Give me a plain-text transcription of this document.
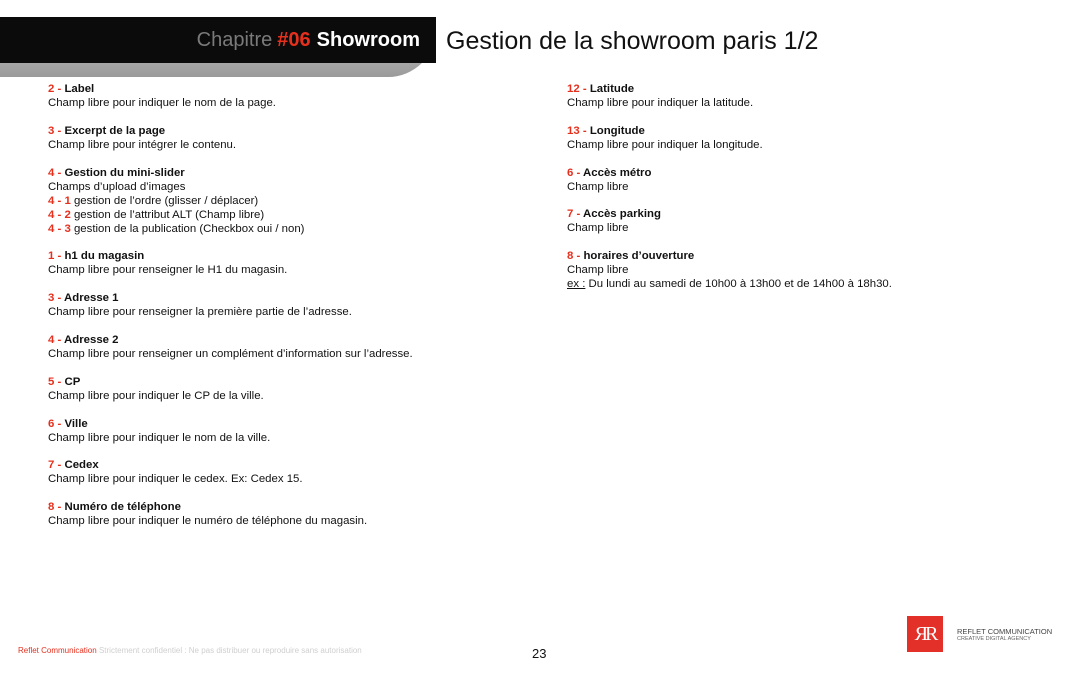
Chapitre #06 Showroom Gestion de la showroom paris 1/2
2 - Label
Champ libre pour indiquer le nom de la page.
3 - Excerpt de la page
Champ libre pour intégrer le contenu.
4 - Gestion du mini-slider
Champs d’upload d’images
4 - 1 gestion de l’ordre (glisser / déplacer)
4 - 2 gestion de l’attribut ALT (Champ libre)
4 - 3 gestion de la publication (Checkbox oui / non)
1 - h1 du magasin
Champ libre pour renseigner le H1 du magasin.
3 - Adresse 1
Champ libre pour renseigner la première partie de l’adresse.
4 - Adresse 2
Champ libre pour renseigner un complément d’information sur l’adresse.
5 - CP
Champ libre pour indiquer le CP de la ville.
6 - Ville
Champ libre pour indiquer le nom de la ville.
7 - Cedex
Champ libre pour indiquer le cedex. Ex: Cedex 15.
8 - Numéro de téléphone
Champ libre pour indiquer le numéro de téléphone du magasin.
12 - Latitude
Champ libre pour indiquer la latitude.
13 - Longitude
Champ libre pour indiquer la longitude.
6 - Accès métro
Champ libre
7 - Accès parking
Champ libre
8 - horaires d’ouverture
Champ libre
ex : Du lundi au samedi de 10h00 à 13h00 et de 14h00 à 18h30.
Reflet Communication Strictement confidentiel : Ne pas distribuer ou reproduire sans autorisation	23
ЯR	REFLET COMMUNICATION
CREATIVE DIGITAL AGENCY
